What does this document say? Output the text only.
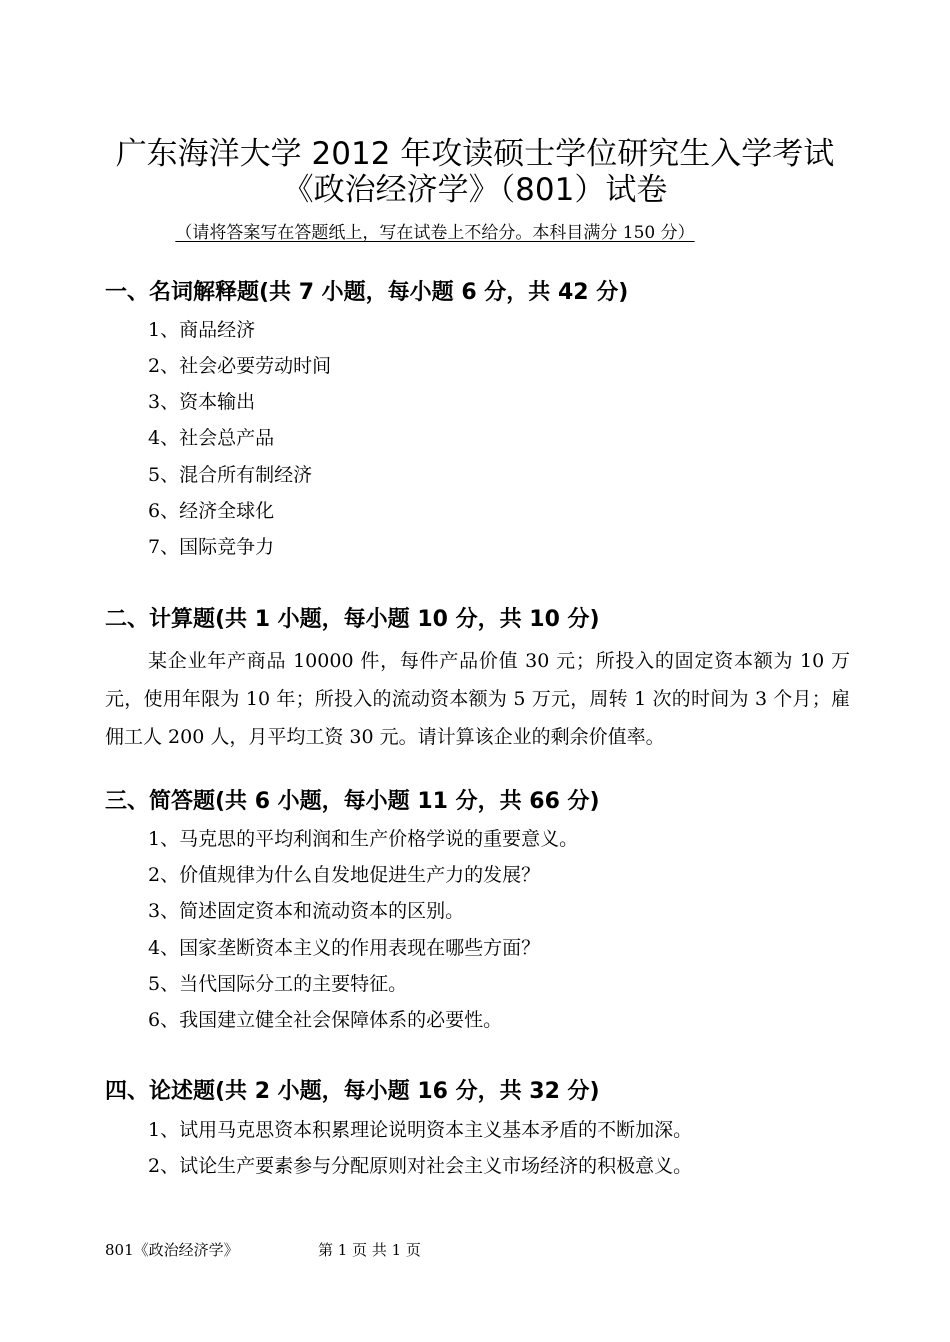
广东海洋大学 2012 年攻读硕士学位研究生入学考试
《政治经济学》（801）试卷
（请将答案写在答题纸上，写在试卷上不给分。本科目满分 150 分）
一、名词解释题(共 7 小题，每小题 6 分，共 42 分)
1、商品经济
2、社会必要劳动时间
3、资本输出
4、社会总产品
5、混合所有制经济
6、经济全球化
7、国际竞争力
二、计算题(共 1 小题，每小题 10 分，共 10 分)
某企业年产商品 10000 件，每件产品价值 30 元；所投入的固定资本额为 10 万元，使用年限为 10 年；所投入的流动资本额为 5 万元，周转 1 次的时间为 3 个月；雇佣工人 200 人，月平均工资 30 元。请计算该企业的剩余价值率。
三、简答题(共 6 小题，每小题 11 分，共 66 分)
1、马克思的平均利润和生产价格学说的重要意义。
2、价值规律为什么自发地促进生产力的发展？
3、简述固定资本和流动资本的区别。
4、国家垄断资本主义的作用表现在哪些方面？
5、当代国际分工的主要特征。
6、我国建立健全社会保障体系的必要性。
四、论述题(共 2 小题，每小题 16 分，共 32 分)
1、试用马克思资本积累理论说明资本主义基本矛盾的不断加深。
2、试论生产要素参与分配原则对社会主义市场经济的积极意义。
801《政治经济学》	第 1 页 共 1 页
